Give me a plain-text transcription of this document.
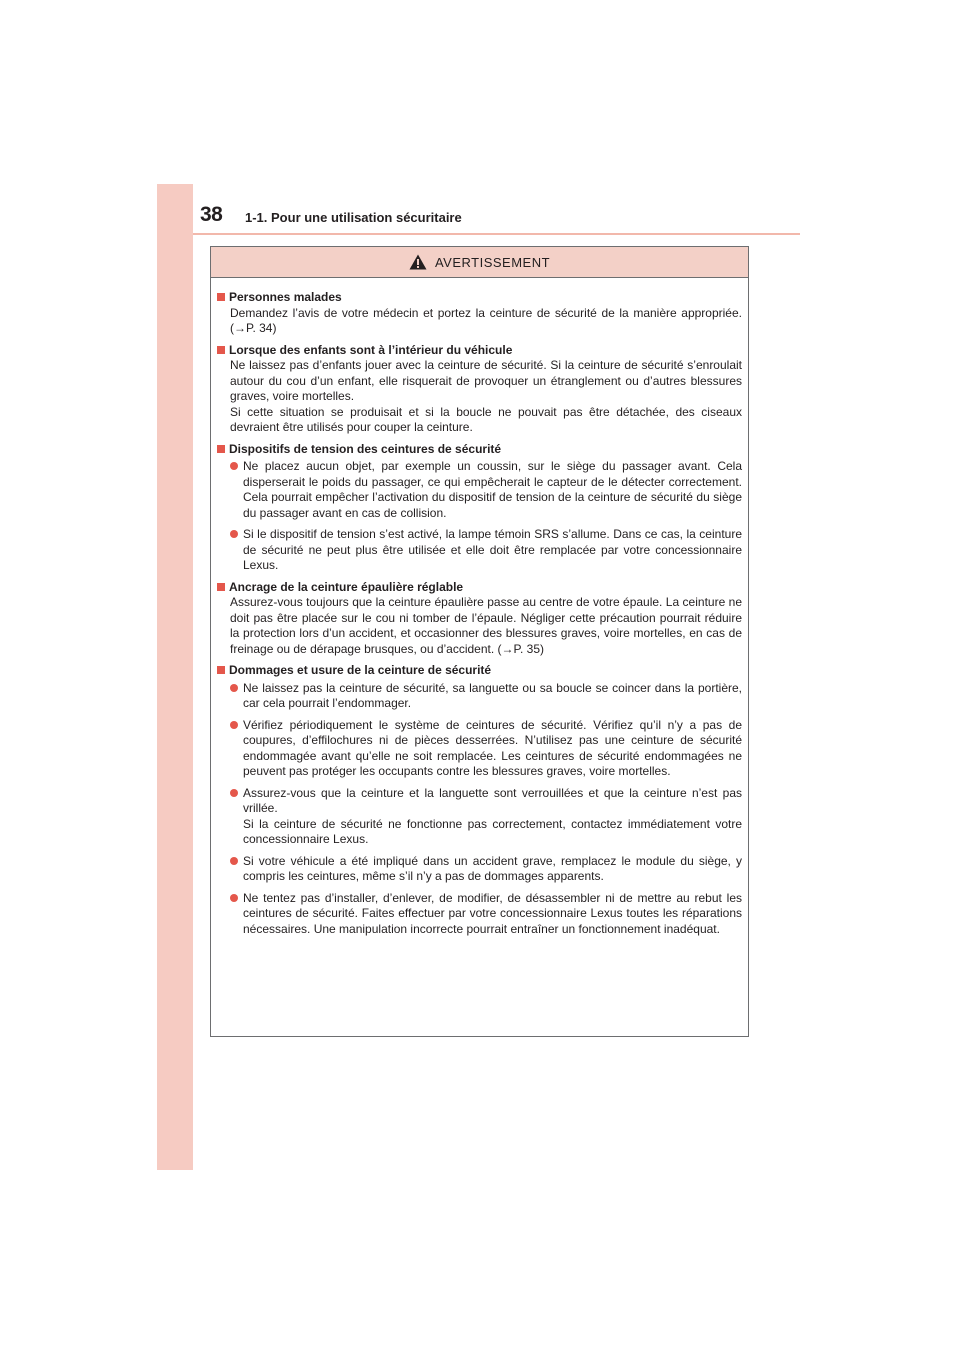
38 1-1. Pour une utilisation sécuritaire
AVERTISSEMENT
Personnes malades
Demandez l’avis de votre médecin et portez la ceinture de sécurité de la manière appropriée. (→P. 34)
Lorsque des enfants sont à l’intérieur du véhicule
Ne laissez pas d’enfants jouer avec la ceinture de sécurité. Si la ceinture de sécurité s’enroulait autour du cou d’un enfant, elle risquerait de provoquer un étranglement ou d’autres blessures graves, voire mortelles.
Si cette situation se produisait et si la boucle ne pouvait pas être détachée, des ciseaux devraient être utilisés pour couper la ceinture.
Dispositifs de tension des ceintures de sécurité
Ne placez aucun objet, par exemple un coussin, sur le siège du passager avant. Cela disperserait le poids du passager, ce qui empêcherait le capteur de le détecter correctement. Cela pourrait empêcher l’activation du dispositif de tension de la ceinture de sécurité du siège du passager avant en cas de collision.
Si le dispositif de tension s’est activé, la lampe témoin SRS s’allume. Dans ce cas, la ceinture de sécurité ne peut plus être utilisée et elle doit être remplacée par votre concessionnaire Lexus.
Ancrage de la ceinture épaulière réglable
Assurez-vous toujours que la ceinture épaulière passe au centre de votre épaule. La ceinture ne doit pas être placée sur le cou ni tomber de l’épaule. Négliger cette précaution pourrait réduire la protection lors d’un accident, et occasionner des blessures graves, voire mortelles, en cas de freinage ou de dérapage brusques, ou d’accident. (→P. 35)
Dommages et usure de la ceinture de sécurité
Ne laissez pas la ceinture de sécurité, sa languette ou sa boucle se coincer dans la portière, car cela pourrait l’endommager.
Vérifiez périodiquement le système de ceintures de sécurité. Vérifiez qu’il n’y a pas de coupures, d’effilochures ni de pièces desserrées. N’utilisez pas une ceinture de sécurité endommagée avant qu’elle ne soit remplacée. Les ceintures de sécurité endommagées ne peuvent pas protéger les occupants contre les blessures graves, voire mortelles.
Assurez-vous que la ceinture et la languette sont verrouillées et que la ceinture n’est pas vrillée.
Si la ceinture de sécurité ne fonctionne pas correctement, contactez immédiatement votre concessionnaire Lexus.
Si votre véhicule a été impliqué dans un accident grave, remplacez le module du siège, y compris les ceintures, même s’il n’y a pas de dommages apparents.
Ne tentez pas d’installer, d’enlever, de modifier, de désassembler ni de mettre au rebut les ceintures de sécurité. Faites effectuer par votre concessionnaire Lexus toutes les réparations nécessaires. Une manipulation incorrecte pourrait entraîner un fonctionnement inadéquat.
